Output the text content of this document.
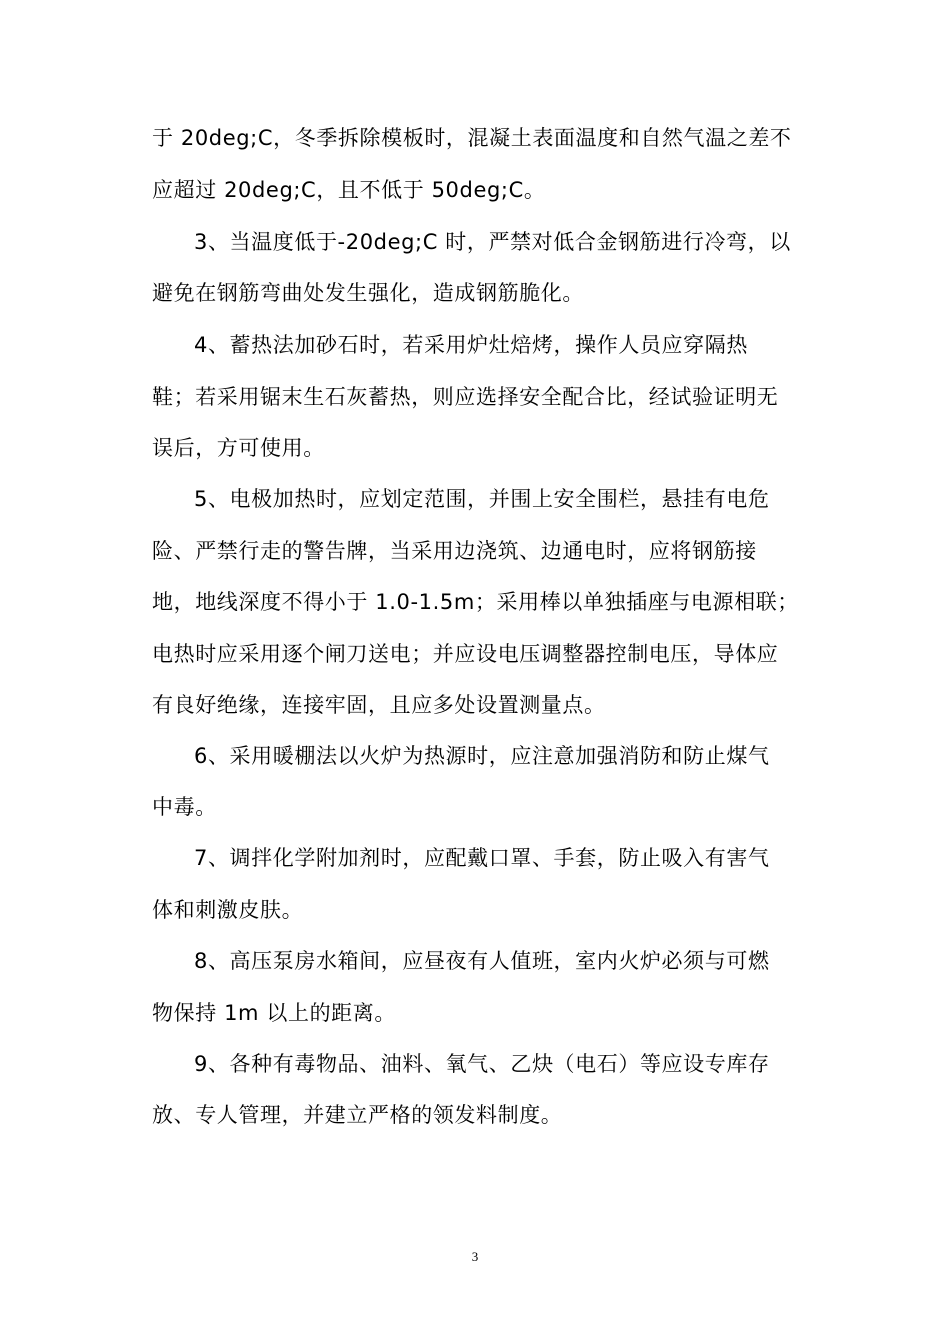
于 20deg;C，冬季拆除模板时，混凝土表面温度和自然气温之差不
应超过 20deg;C，且不低于 50deg;C。
3、当温度低于-20deg;C 时，严禁对低合金钢筋进行冷弯，以
避免在钢筋弯曲处发生强化，造成钢筋脆化。
4、蓄热法加砂石时，若采用炉灶焙烤，操作人员应穿隔热
鞋；若采用锯末生石灰蓄热，则应选择安全配合比，经试验证明无
误后，方可使用。
5、电极加热时，应划定范围，并围上安全围栏，悬挂有电危
险、严禁行走的警告牌，当采用边浇筑、边通电时，应将钢筋接
地，地线深度不得小于 1.0-1.5m；采用棒以单独插座与电源相联；
电热时应采用逐个闸刀送电；并应设电压调整器控制电压，导体应
有良好绝缘，连接牢固，且应多处设置测量点。
6、采用暖棚法以火炉为热源时，应注意加强消防和防止煤气
中毒。
7、调拌化学附加剂时，应配戴口罩、手套，防止吸入有害气
体和刺激皮肤。
8、高压泵房水箱间，应昼夜有人值班，室内火炉必须与可燃
物保持 1m 以上的距离。
9、各种有毒物品、油料、氧气、乙炔（电石）等应设专库存
放、专人管理，并建立严格的领发料制度。
3
